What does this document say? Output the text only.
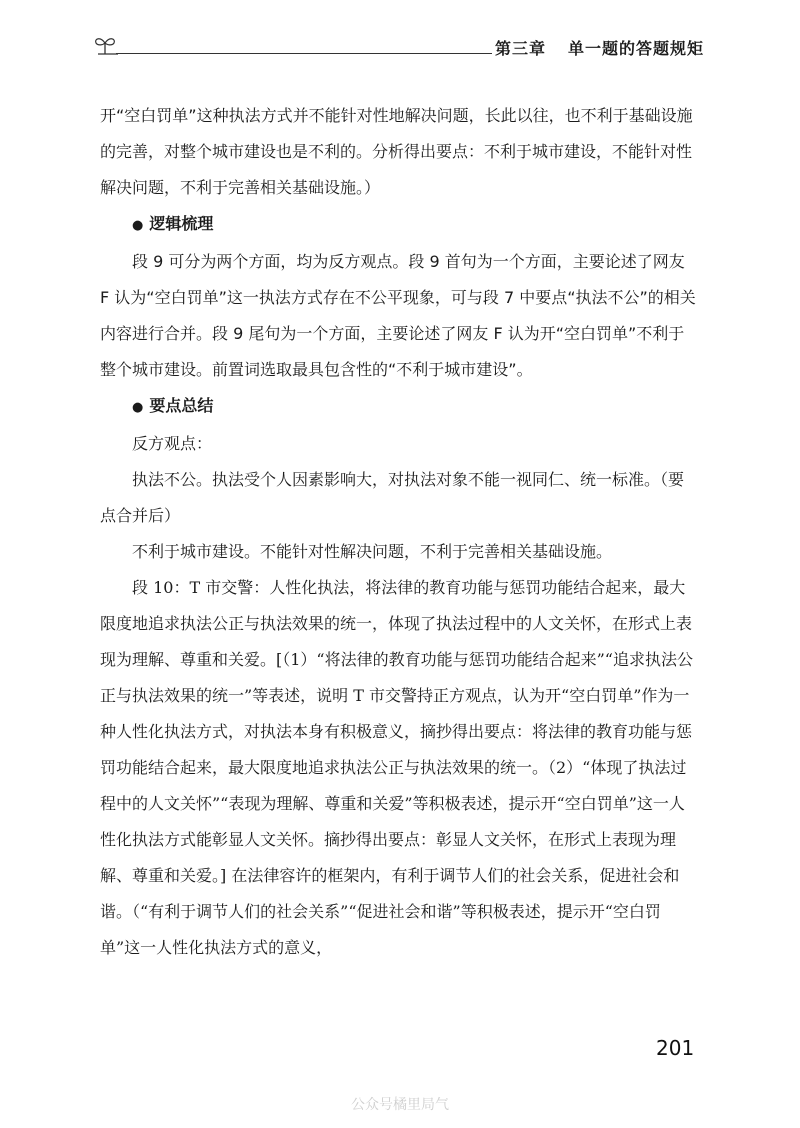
第三章 单一题的答题规矩

开“空白罚单”这种执法方式并不能针对性地解决问题，长此以往，也不利于基础设施的完善，对整个城市建设也是不利的。分析得出要点：不利于城市建设，不能针对性解决问题，不利于完善相关基础设施。）

● 逻辑梳理

段 9 可分为两个方面，均为反方观点。段 9 首句为一个方面，主要论述了网友 F 认为“空白罚单”这一执法方式存在不公平现象，可与段 7 中要点“执法不公”的相关内容进行合并。段 9 尾句为一个方面，主要论述了网友 F 认为开“空白罚单”不利于整个城市建设。前置词选取最具包含性的“不利于城市建设”。

● 要点总结

反方观点：

执法不公。执法受个人因素影响大，对执法对象不能一视同仁、统一标准。（要点合并后）

不利于城市建设。不能针对性解决问题，不利于完善相关基础设施。

段 10：T 市交警：人性化执法，将法律的教育功能与惩罚功能结合起来，最大限度地追求执法公正与执法效果的统一，体现了执法过程中的人文关怀，在形式上表现为理解、尊重和关爱。[（1）“将法律的教育功能与惩罚功能结合起来”“追求执法公正与执法效果的统一”等表述，说明 T 市交警持正方观点，认为开“空白罚单”作为一种人性化执法方式，对执法本身有积极意义，摘抄得出要点：将法律的教育功能与惩罚功能结合起来，最大限度地追求执法公正与执法效果的统一。（2）“体现了执法过程中的人文关怀”“表现为理解、尊重和关爱”等积极表述，提示开“空白罚单”这一人性化执法方式能彰显人文关怀。摘抄得出要点：彰显人文关怀，在形式上表现为理解、尊重和关爱。] 在法律容许的框架内，有利于调节人们的社会关系，促进社会和谐。（“有利于调节人们的社会关系”“促进社会和谐”等积极表述，提示开“空白罚单”这一人性化执法方式的意义，

201
公众号橘里局气
